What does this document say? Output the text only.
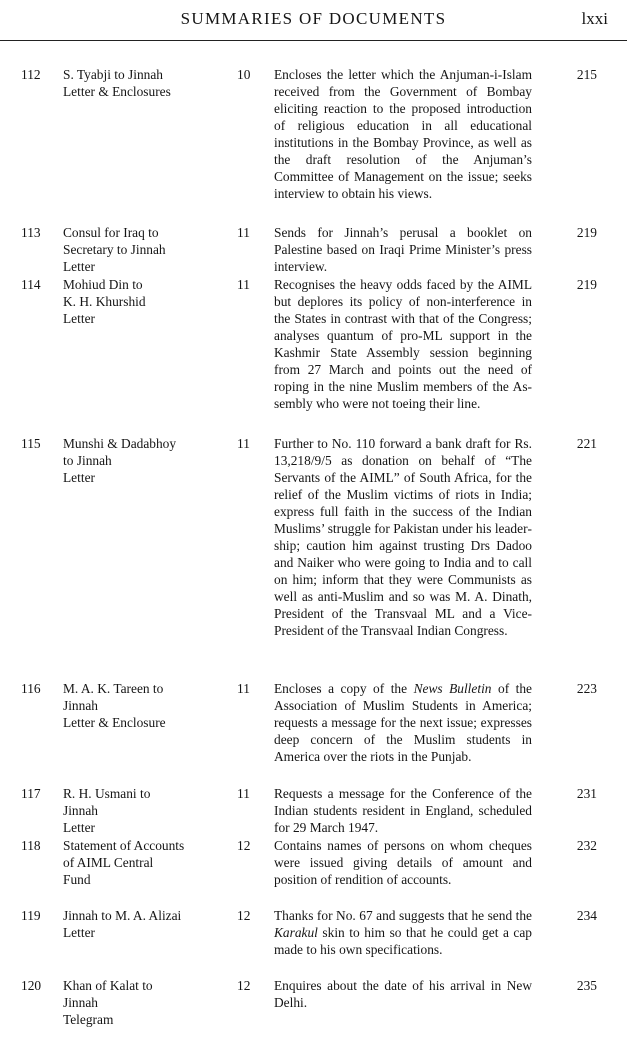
SUMMARIES OF DOCUMENTS	lxxi
112 S. Tyabji to Jinnah
Letter & Enclosures
10 Encloses the letter which the Anjuman-i-Islam received from the Government of Bombay eliciting reaction to the proposed introduction of religious education in all educational institutions in the Bombay Province, as well as the draft resolution of the Anjuman’s Committee of Management on the issue; seeks interview to obtain his views.
215
113 Consul for Iraq to
Secretary to Jinnah
Letter
11 Sends for Jinnah’s perusal a booklet on Palestine based on Iraqi Prime Minister’s press interview.
219
114 Mohiud Din to
K. H. Khurshid
Letter
11 Recognises the heavy odds faced by the AIML but deplores its policy of non-interference in the States in contrast with that of the Congress; analyses quantum of pro-ML support in the Kashmir State Assembly session beginning from 27 March and points out the need of roping in the nine Muslim members of the Assembly who were not toeing their line.
219
115 Munshi & Dadabhoy
to Jinnah
Letter
11 Further to No. 110 forward a bank draft for Rs. 13,218/9/5 as donation on behalf of “The Servants of the AIML” of South Africa, for the relief of the Muslim victims of riots in India; express full faith in the success of the Indian Muslims’ struggle for Pakistan under his leadership; caution him against trusting Drs Dadoo and Naiker who were going to India and to call on him; inform that they were Communists as well as anti-Muslim and so was M. A. Dinath, President of the Transvaal ML and a Vice-President of the Transvaal Indian Congress.
221
116 M. A. K. Tareen to
Jinnah
Letter & Enclosure
11 Encloses a copy of the News Bulletin of the Association of Muslim Students in America; requests a message for the next issue; expresses deep concern of the Muslim students in America over the riots in the Punjab.
223
117 R. H. Usmani to
Jinnah
Letter
11 Requests a message for the Conference of the Indian students resident in England, scheduled for 29 March 1947.
231
118 Statement of Accounts
of AIML Central
Fund
12 Contains names of persons on whom cheques were issued giving details of amount and position of rendition of accounts.
232
119 Jinnah to M. A. Alizai
Letter
12 Thanks for No. 67 and suggests that he send the Karakul skin to him so that he could get a cap made to his own specifications.
234
120 Khan of Kalat to
Jinnah
Telegram
12 Enquires about the date of his arrival in New Delhi.
235
